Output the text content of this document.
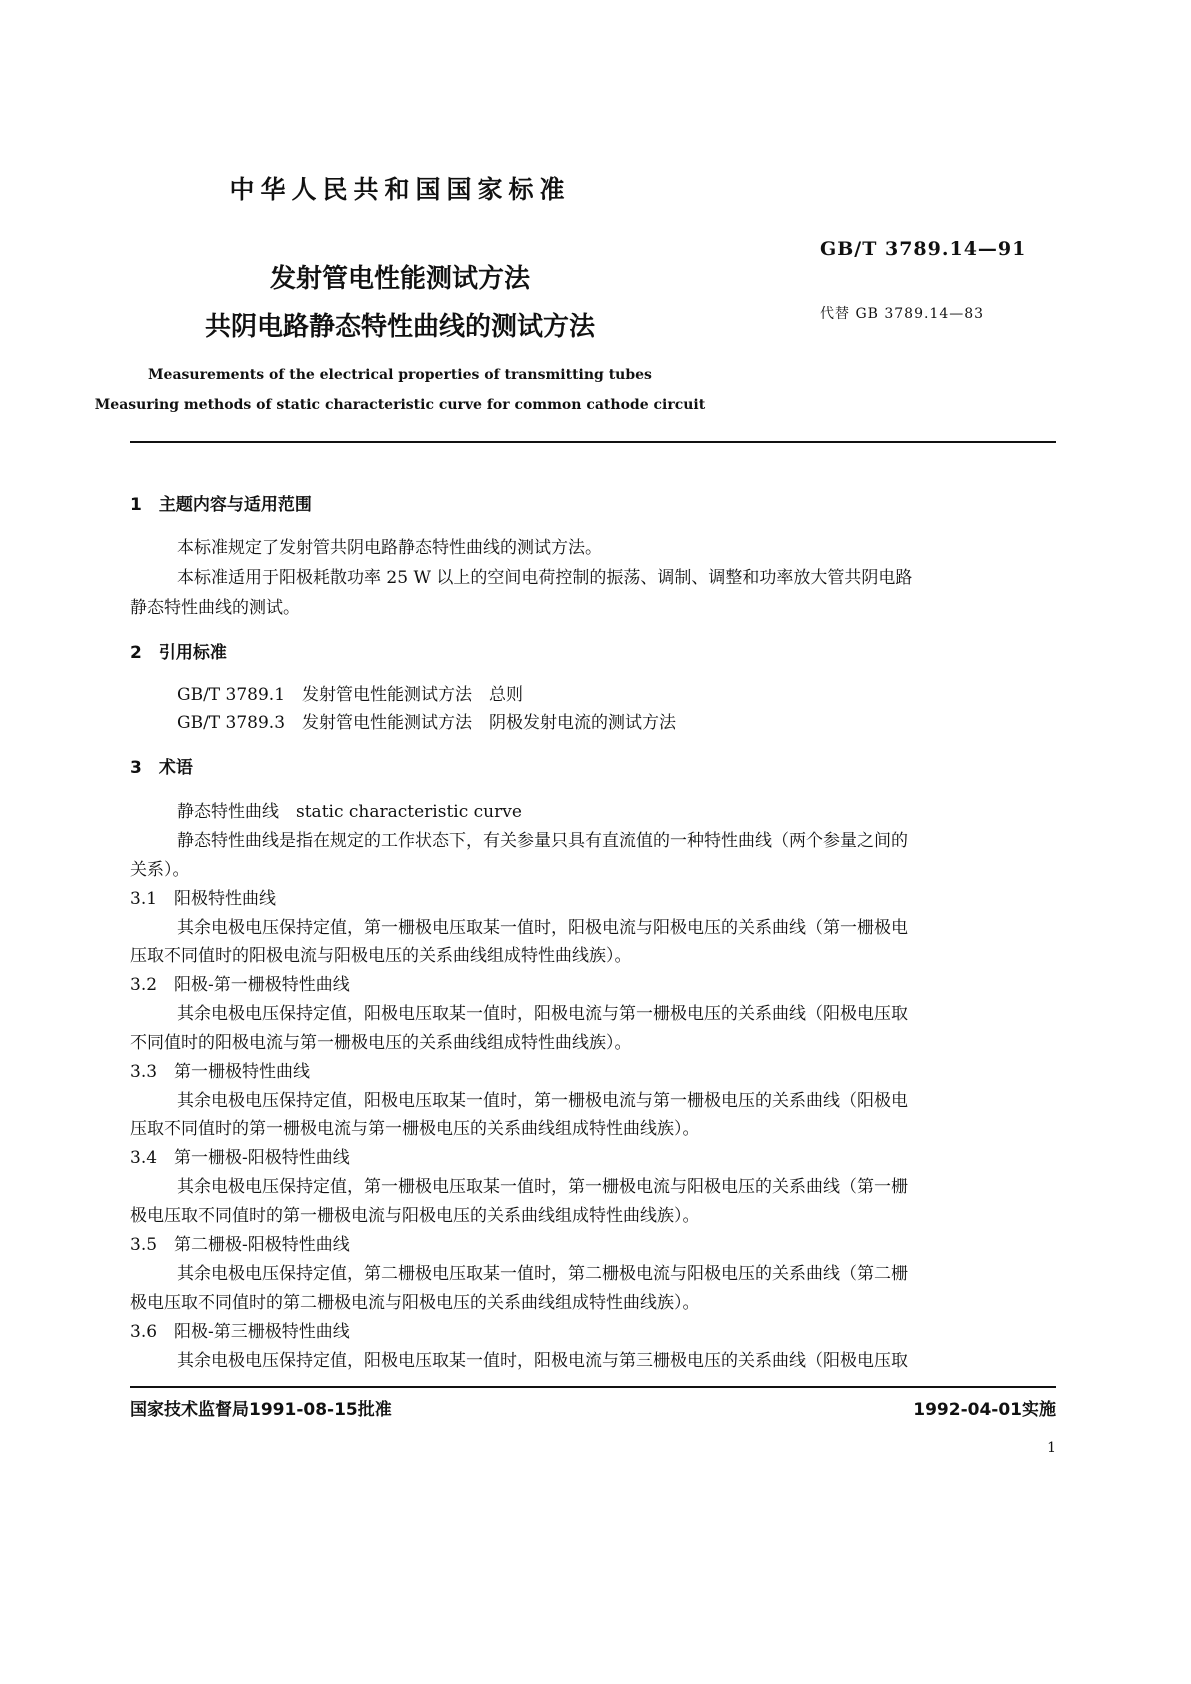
中华人民共和国国家标准
GB/T 3789.14—91
发射管电性能测试方法
代替 GB 3789.14—83
共阴电路静态特性曲线的测试方法
Measurements of the electrical properties of transmitting tubes
Measuring methods of static characteristic curve for common cathode circuit
1　主题内容与适用范围
本标准规定了发射管共阴电路静态特性曲线的测试方法。
本标准适用于阳极耗散功率 25 W 以上的空间电荷控制的振荡、调制、调整和功率放大管共阴电路
静态特性曲线的测试。
2　引用标准
GB/T 3789.1　发射管电性能测试方法　总则
GB/T 3789.3　发射管电性能测试方法　阴极发射电流的测试方法
3　术语
静态特性曲线　static characteristic curve
静态特性曲线是指在规定的工作状态下，有关参量只具有直流值的一种特性曲线（两个参量之间的
关系）。
3.1　阳极特性曲线
其余电极电压保持定值，第一栅极电压取某一值时，阳极电流与阳极电压的关系曲线（第一栅极电
压取不同值时的阳极电流与阳极电压的关系曲线组成特性曲线族）。
3.2　阳极-第一栅极特性曲线
其余电极电压保持定值，阳极电压取某一值时，阳极电流与第一栅极电压的关系曲线（阳极电压取
不同值时的阳极电流与第一栅极电压的关系曲线组成特性曲线族）。
3.3　第一栅极特性曲线
其余电极电压保持定值，阳极电压取某一值时，第一栅极电流与第一栅极电压的关系曲线（阳极电
压取不同值时的第一栅极电流与第一栅极电压的关系曲线组成特性曲线族）。
3.4　第一栅极-阳极特性曲线
其余电极电压保持定值，第一栅极电压取某一值时，第一栅极电流与阳极电压的关系曲线（第一栅
极电压取不同值时的第一栅极电流与阳极电压的关系曲线组成特性曲线族）。
3.5　第二栅极-阳极特性曲线
其余电极电压保持定值，第二栅极电压取某一值时，第二栅极电流与阳极电压的关系曲线（第二栅
极电压取不同值时的第二栅极电流与阳极电压的关系曲线组成特性曲线族）。
3.6　阳极-第三栅极特性曲线
其余电极电压保持定值，阳极电压取某一值时，阳极电流与第三栅极电压的关系曲线（阳极电压取
国家技术监督局1991-08-15批准	1992-04-01实施
1
